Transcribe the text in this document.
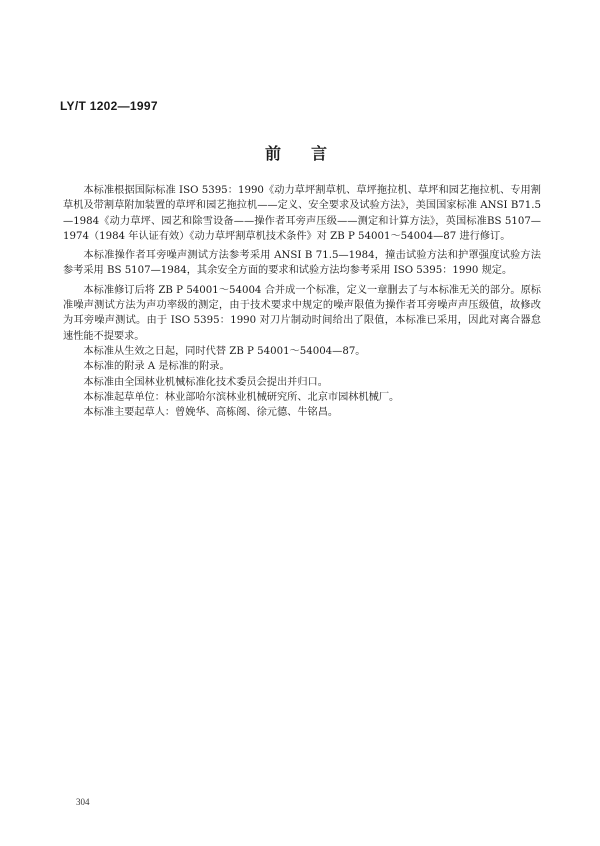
LY/T 1202—1997
前言

本标准根据国际标准 ISO 5395：1990《动力草坪割草机、草坪拖拉机、草坪和园艺拖拉机、专用割草机及带割草附加装置的草坪和园艺拖拉机——定义、安全要求及试验方法》，美国国家标准 ANSI B71.5—1984《动力草坪、园艺和除雪设备——操作者耳旁声压级——测定和计算方法》，英国标准BS 5107—1974（1984 年认证有效）《动力草坪割草机技术条件》对 ZB P 54001～54004—87 进行修订。

本标准操作者耳旁噪声测试方法参考采用 ANSI B 71.5—1984，撞击试验方法和护罩强度试验方法参考采用 BS 5107—1984，其余安全方面的要求和试验方法均参考采用 ISO 5395：1990 规定。

本标准修订后将 ZB P 54001～54004 合并成一个标准，定义一章删去了与本标准无关的部分。原标准噪声测试方法为声功率级的测定，由于技术要求中规定的噪声限值为操作者耳旁噪声声压级值，故修改为耳旁噪声测试。由于 ISO 5395：1990 对刀片制动时间给出了限值，本标准已采用，因此对离合器怠速性能不提要求。

本标准从生效之日起，同时代替 ZB P 54001～54004—87。

本标准的附录 A 是标准的附录。

本标准由全国林业机械标准化技术委员会提出并归口。

本标准起草单位：林业部哈尔滨林业机械研究所、北京市园林机械厂。

本标准主要起草人：曾娩华、高栋阁、徐元德、牛铭昌。

304
